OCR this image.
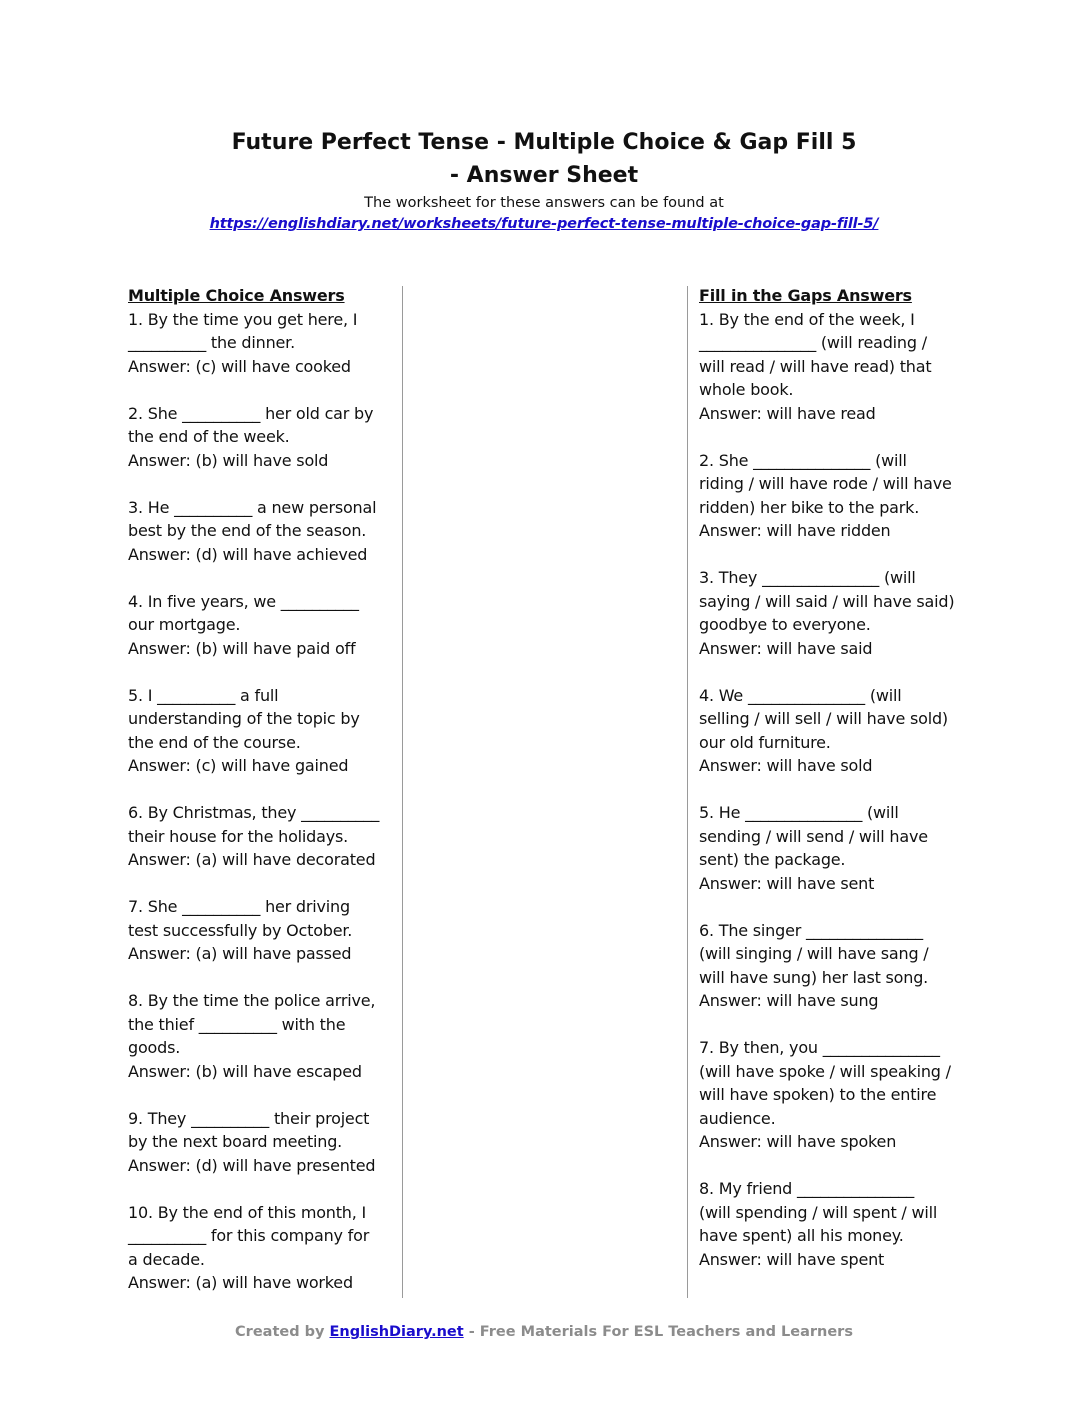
Future Perfect Tense - Multiple Choice & Gap Fill 5
- Answer Sheet
The worksheet for these answers can be found at
https://englishdiary.net/worksheets/future-perfect-tense-multiple-choice-gap-fill-5/
Multiple Choice Answers

1. By the time you get here, I
__________ the dinner.
Answer: (c) will have cooked

2. She __________ her old car by
the end of the week.
Answer: (b) will have sold

3. He __________ a new personal
best by the end of the season.
Answer: (d) will have achieved

4. In five years, we __________
our mortgage.
Answer: (b) will have paid off

5. I __________ a full
understanding of the topic by
the end of the course.
Answer: (c) will have gained

6. By Christmas, they __________
their house for the holidays.
Answer: (a) will have decorated

7. She __________ her driving
test successfully by October.
Answer: (a) will have passed

8. By the time the police arrive,
the thief __________ with the
goods.
Answer: (b) will have escaped

9. They __________ their project
by the next board meeting.
Answer: (d) will have presented

10. By the end of this month, I
__________ for this company for
a decade.
Answer: (a) will have worked

Fill in the Gaps Answers

1. By the end of the week, I
_______________ (will reading /
will read / will have read) that
whole book.
Answer: will have read

2. She _______________ (will
riding / will have rode / will have
ridden) her bike to the park.
Answer: will have ridden

3. They _______________ (will
saying / will said / will have said)
goodbye to everyone.
Answer: will have said

4. We _______________ (will
selling / will sell / will have sold)
our old furniture.
Answer: will have sold

5. He _______________ (will
sending / will send / will have
sent) the package.
Answer: will have sent

6. The singer _______________
(will singing / will have sang /
will have sung) her last song.
Answer: will have sung

7. By then, you _______________
(will have spoke / will speaking /
will have spoken) to the entire
audience.
Answer: will have spoken

8. My friend _______________
(will spending / will spent / will
have spent) all his money.
Answer: will have spent

Created by EnglishDiary.net - Free Materials For ESL Teachers and Learners
